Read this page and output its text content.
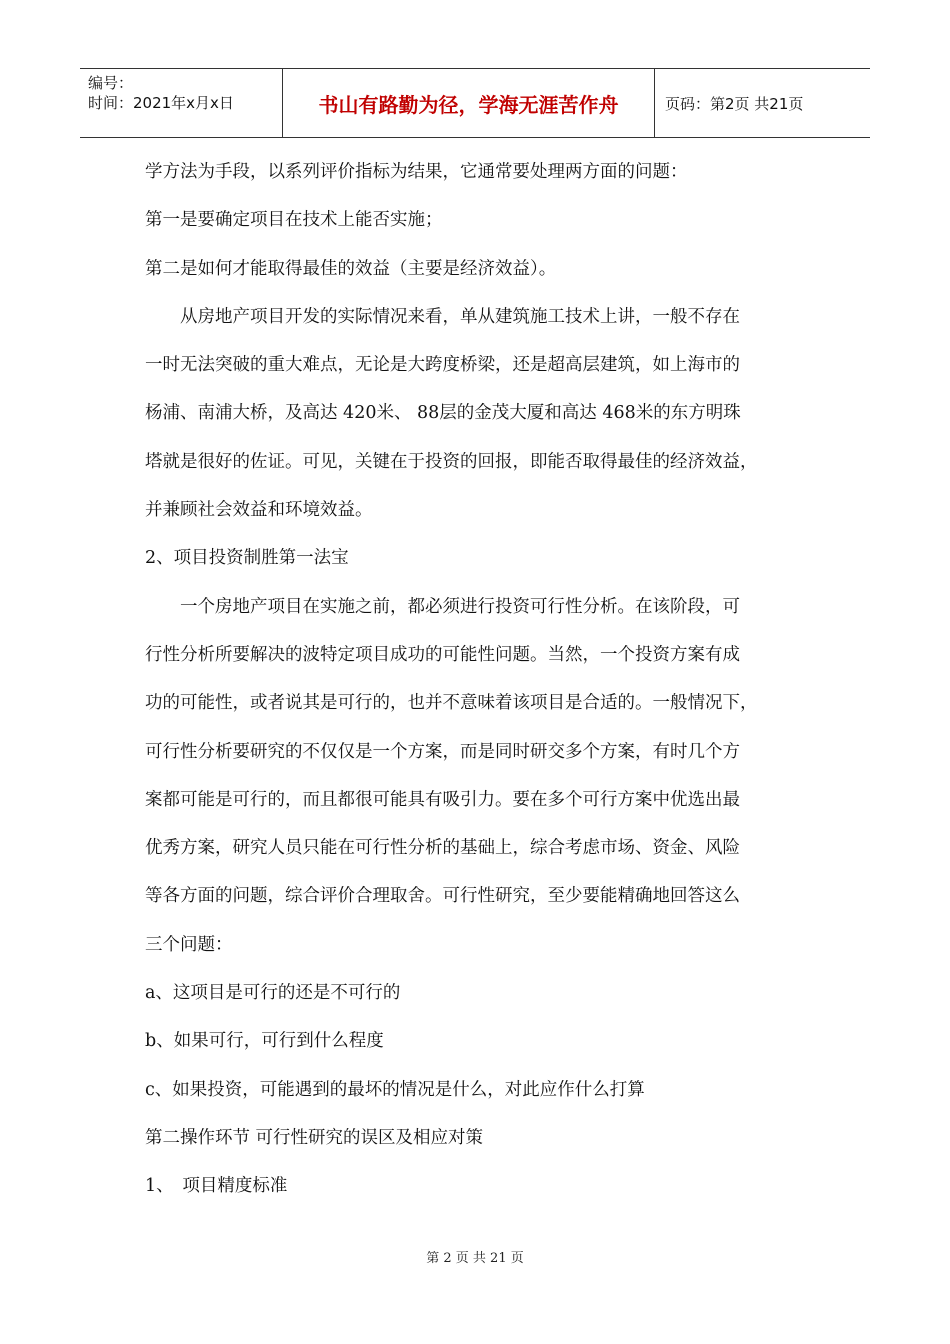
编号：
时间：2021年x月x日	书山有路勤为径，学海无涯苦作舟	页码：第2页 共21页
学方法为手段，以系列评价指标为结果，它通常要处理两方面的问题：
第一是要确定项目在技术上能否实施；
第二是如何才能取得最佳的效益（主要是经济效益）。
　　从房地产项目开发的实际情况来看，单从建筑施工技术上讲，一般不存在
一时无法突破的重大难点，无论是大跨度桥梁，还是超高层建筑，如上海市的
杨浦、南浦大桥，及高达 420米、 88层的金茂大厦和高达 468米的东方明珠
塔就是很好的佐证。可见，关键在于投资的回报，即能否取得最佳的经济效益，
并兼顾社会效益和环境效益。
2、项目投资制胜第一法宝
　　一个房地产项目在实施之前，都必须进行投资可行性分析。在该阶段，可
行性分析所要解决的波特定项目成功的可能性问题。当然，一个投资方案有成
功的可能性，或者说其是可行的，也并不意味着该项目是合适的。一般情况下，
可行性分析要研究的不仅仅是一个方案，而是同时研交多个方案，有时几个方
案都可能是可行的，而且都很可能具有吸引力。要在多个可行方案中优选出最
优秀方案，研究人员只能在可行性分析的基础上，综合考虑市场、资金、风险
等各方面的问题，综合评价合理取舍。可行性研究，至少要能精确地回答这么
三个问题：
a、这项目是可行的还是不可行的
b、如果可行，可行到什么程度
c、如果投资，可能遇到的最坏的情况是什么，对此应作什么打算
第二操作环节 可行性研究的误区及相应对策
1、　项目精度标准
第 2 页 共 21 页
